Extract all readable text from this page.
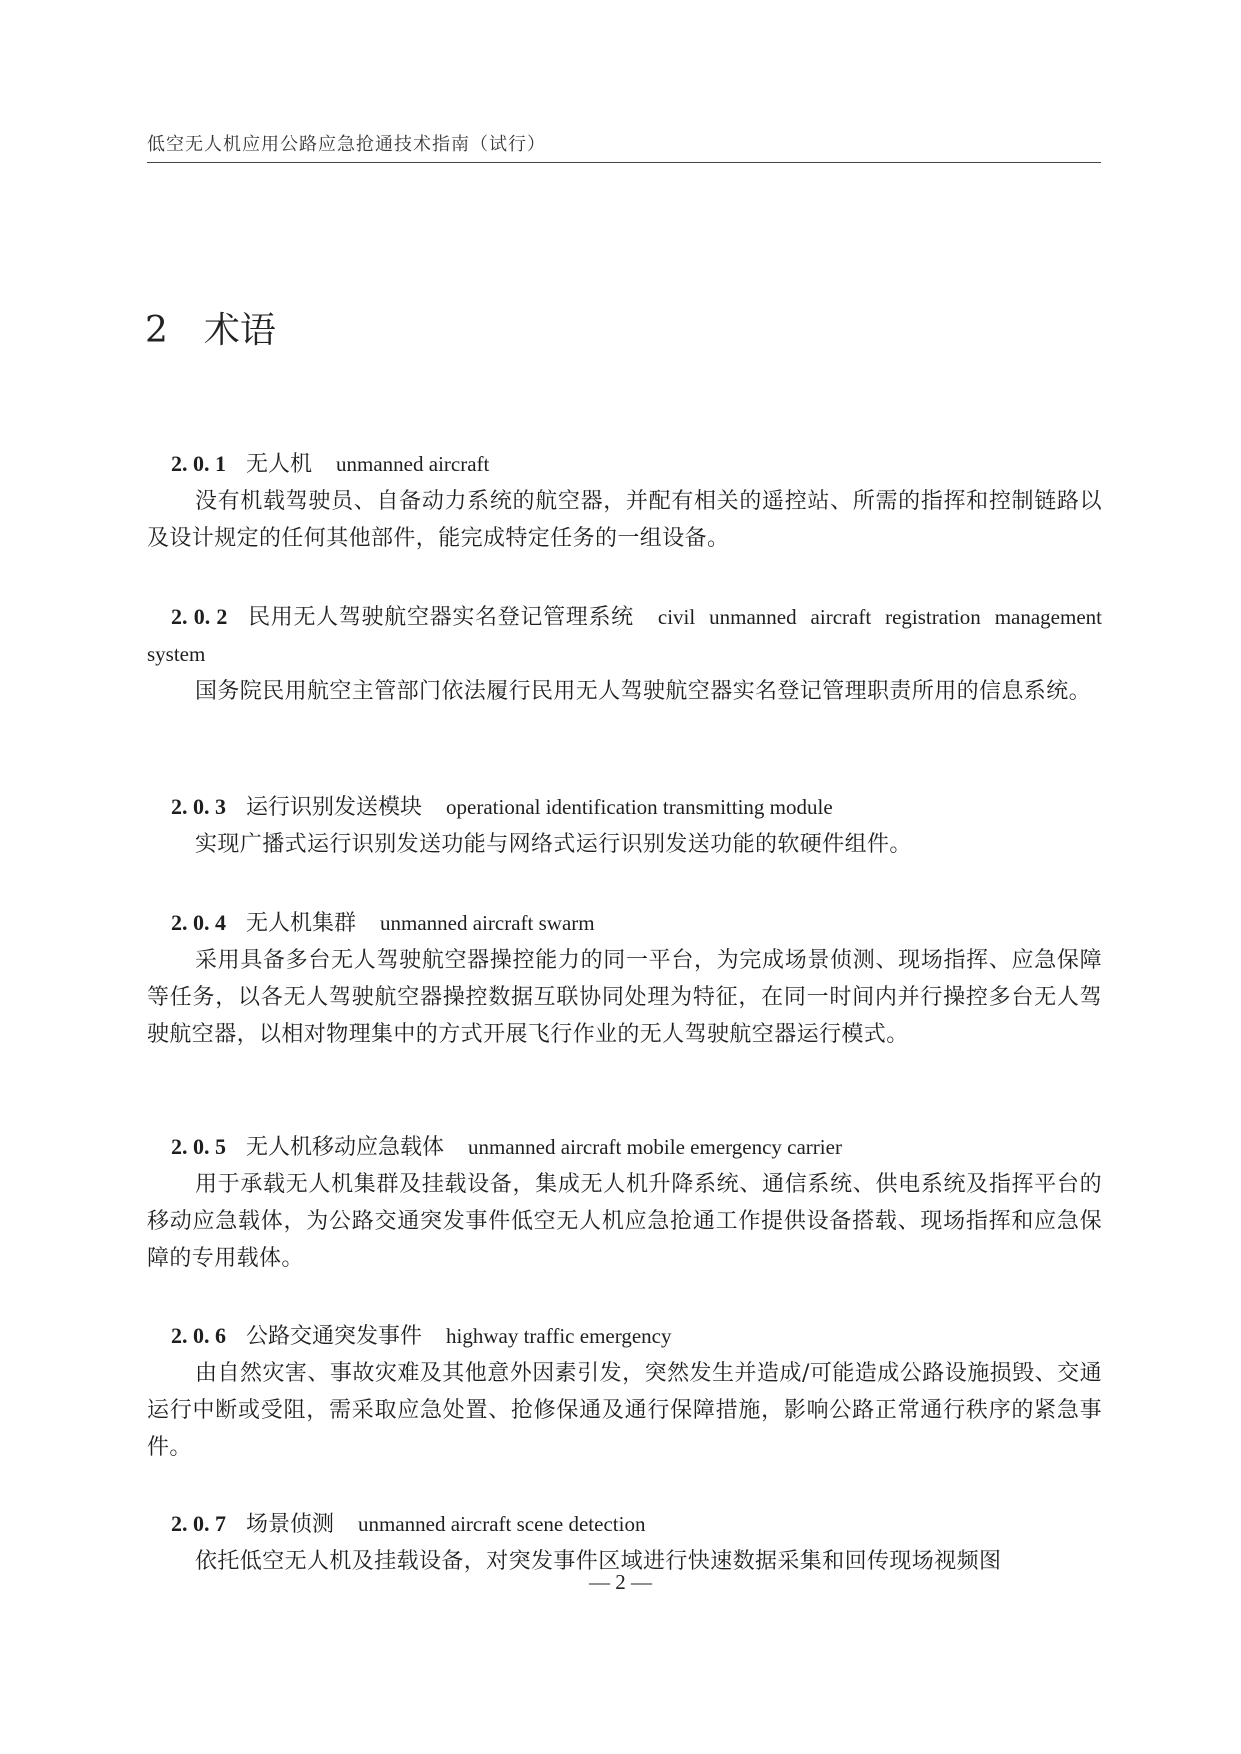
低空无人机应用公路应急抢通技术指南（试行）
2 术语
2. 0. 1 无人机 unmanned aircraft
没有机载驾驶员、自备动力系统的航空器，并配有相关的遥控站、所需的指挥和控制链路以及设计规定的任何其他部件，能完成特定任务的一组设备。
2. 0. 2 民用无人驾驶航空器实名登记管理系统 civil unmanned aircraft registration management system
国务院民用航空主管部门依法履行民用无人驾驶航空器实名登记管理职责所用的信息系统。
2. 0. 3 运行识别发送模块 operational identification transmitting module
实现广播式运行识别发送功能与网络式运行识别发送功能的软硬件组件。
2. 0. 4 无人机集群 unmanned aircraft swarm
采用具备多台无人驾驶航空器操控能力的同一平台，为完成场景侦测、现场指挥、应急保障等任务，以各无人驾驶航空器操控数据互联协同处理为特征，在同一时间内并行操控多台无人驾驶航空器，以相对物理集中的方式开展飞行作业的无人驾驶航空器运行模式。
2. 0. 5 无人机移动应急载体 unmanned aircraft mobile emergency carrier
用于承载无人机集群及挂载设备，集成无人机升降系统、通信系统、供电系统及指挥平台的移动应急载体，为公路交通突发事件低空无人机应急抢通工作提供设备搭载、现场指挥和应急保障的专用载体。
2. 0. 6 公路交通突发事件 highway traffic emergency
由自然灾害、事故灾难及其他意外因素引发，突然发生并造成/可能造成公路设施损毁、交通运行中断或受阻，需采取应急处置、抢修保通及通行保障措施，影响公路正常通行秩序的紧急事件。
2. 0. 7 场景侦测 unmanned aircraft scene detection
依托低空无人机及挂载设备，对突发事件区域进行快速数据采集和回传现场视频图
— 2 —
